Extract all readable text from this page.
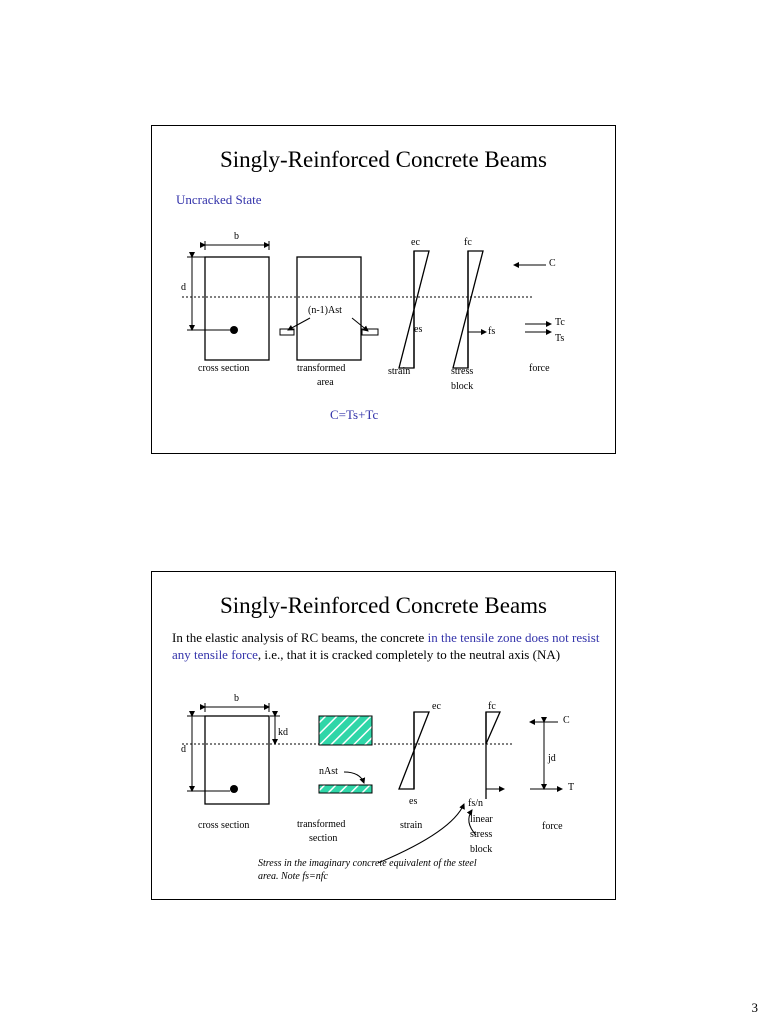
Singly-Reinforced Concrete Beams
Uncracked State
b
d
(n-1)Ast
ec	fc
es	fs
C
Tc
Ts
cross section	transformed
area
strain	stress
block
force
C=Ts+Tc
Singly-Reinforced Concrete Beams
In the elastic analysis of RC beams, the concrete in the tensile zone does not resist any tensile force, i.e., that it is cracked completely to the neutral axis (NA)
b
d
kd
nAst
ec	fc
es	fs/n
C
T
jd
cross section	transformed
section
strain
linear
stress
block
force
Stress in the imaginary concrete equivalent of the steel area. Note fs=nfc
3
